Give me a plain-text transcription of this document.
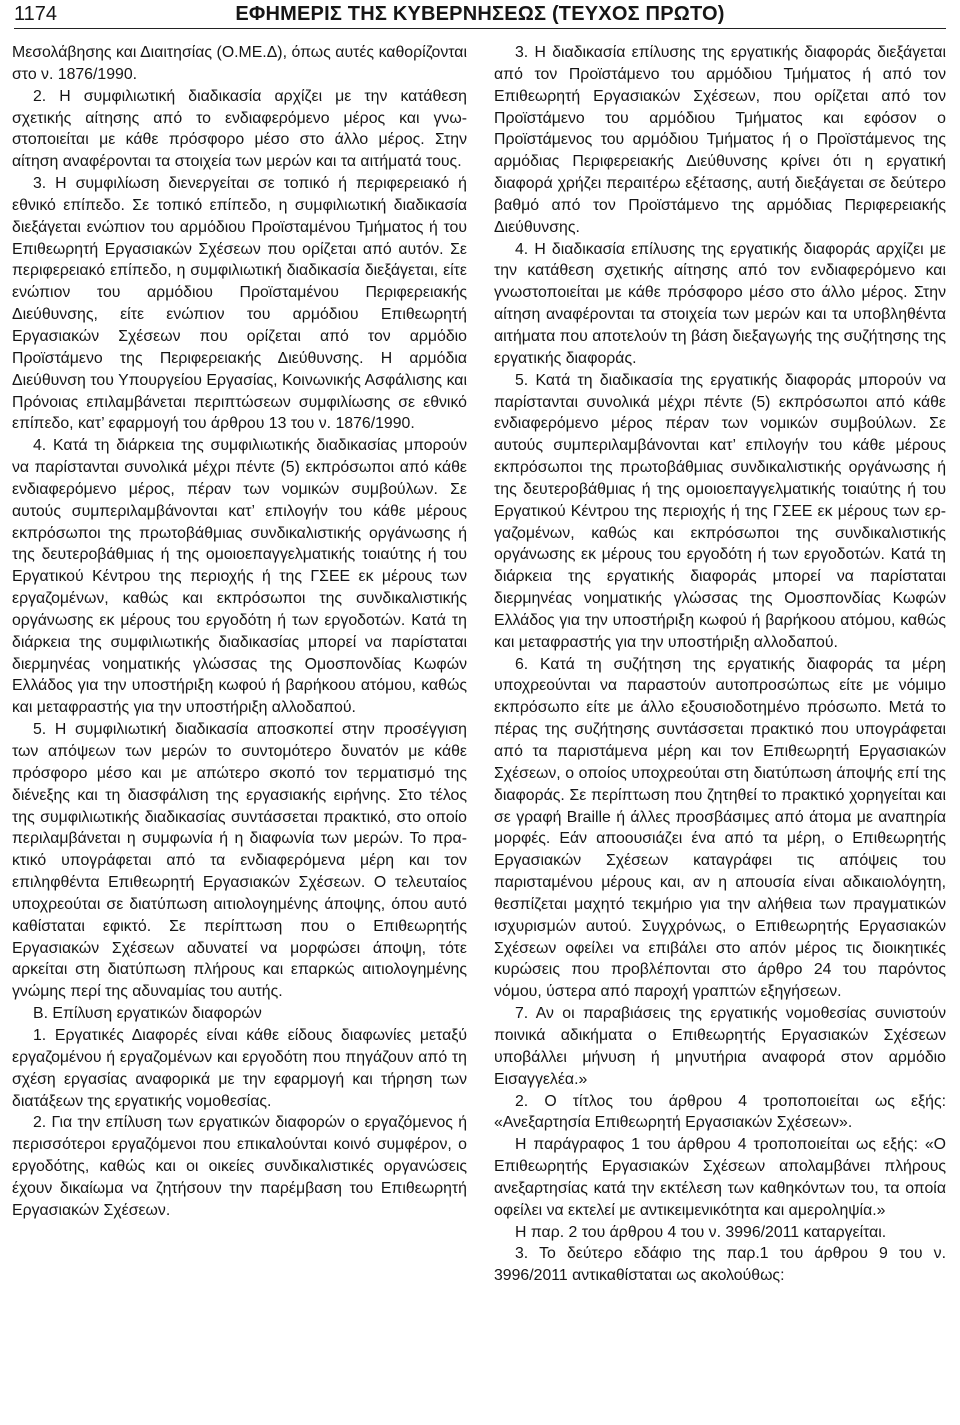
1174	ΕΦΗΜΕΡΙΣ ΤΗΣ ΚΥΒΕΡΝΗΣΕΩΣ (ΤΕΥΧΟΣ ΠΡΩΤΟ)

Μεσολάβησης και Διαιτησίας (Ο.ΜΕ.Δ), όπως αυτές καθορίζονται στο ν. 1876/1990.

2. Η συμφιλιωτική διαδικασία αρχίζει με την κατάθεση σχετικής αίτησης από το ενδιαφερόμενο μέρος και γνωστοποιείται με κάθε πρόσφορο μέσο στο άλλο μέρος. Στην αίτηση αναφέρονται τα στοιχεία των μερών και τα αιτήματά τους.

3. Η συμφιλίωση διενεργείται σε τοπικό ή περιφερειακό ή εθνικό επίπεδο. Σε τοπικό επίπεδο, η συμφιλιωτική διαδικασία διεξάγεται ενώπιον του αρμόδιου Προϊσταμένου Τμήματος ή του Επιθεωρητή Εργασιακών Σχέσεων που ορίζεται από αυτόν. Σε περιφερειακό επίπεδο, η συμφιλιωτική διαδικασία διεξάγεται, είτε ενώπιον του αρμόδιου Προϊσταμένου Περιφερειακής Διεύθυνσης, είτε ενώπιον του αρμόδιου Επιθεωρητή Εργασιακών Σχέσεων που ορίζεται από τον αρμόδιο Προϊστάμενο της Περιφερειακής Διεύθυνσης. Η αρμόδια Διεύθυνση του Υπουργείου Εργασίας, Κοινωνικής Ασφάλισης και Πρόνοιας επιλαμβάνεται περιπτώσεων συμφιλίωσης σε εθνικό επίπεδο, κατ’ εφαρμογή του άρθρου 13 του ν. 1876/1990.

4. Κατά τη διάρκεια της συμφιλιωτικής διαδικασίας μπορούν να παρίστανται συνολικά μέχρι πέντε (5) εκπρόσωποι από κάθε ενδιαφερόμενο μέρος, πέραν των νομικών συμβούλων. Σε αυτούς συμπεριλαμβάνονται κατ’ επιλογήν του κάθε μέρους εκπρόσωποι της πρωτοβάθμιας συνδικαλιστικής οργάνωσης ή της δευτεροβάθμιας ή της ομοιοεπαγγελματικής τοιαύτης ή του Εργατικού Κέντρου της περιοχής ή της ΓΣΕΕ εκ μέρους των εργαζομένων, καθώς και εκπρόσωποι της συνδικαλιστικής οργάνωσης εκ μέρους του εργοδότη ή των εργοδοτών. Κατά τη διάρκεια της συμφιλιωτικής διαδικασίας μπορεί να παρίσταται διερμηνέας νοηματικής γλώσσας της Ομοσπονδίας Κωφών Ελλάδος για την υποστήριξη κωφού ή βαρήκοου ατόμου, καθώς και μεταφραστής για την υποστήριξη αλλοδαπού.

5. Η συμφιλιωτική διαδικασία αποσκοπεί στην προσέγγιση των απόψεων των μερών το συντομότερο δυνατόν με κάθε πρόσφορο μέσο και με απώτερο σκοπό τον τερματισμό της διένεξης και τη διασφάλιση της εργασιακής ειρήνης. Στο τέλος της συμφιλιωτικής διαδικασίας συντάσσεται πρακτικό, στο οποίο περιλαμβάνεται η συμφωνία ή η διαφωνία των μερών. Το πρακτικό υπογράφεται από τα ενδιαφερόμενα μέρη και τον επιληφθέντα Επιθεωρητή Εργασιακών Σχέσεων. Ο τελευταίος υποχρεούται σε διατύπωση αιτιολογημένης άποψης, όπου αυτό καθίσταται εφικτό. Σε περίπτωση που ο Επιθεωρητής Εργασιακών Σχέσεων αδυνατεί να μορφώσει άποψη, τότε αρκείται στη διατύπωση πλήρους και επαρκώς αιτιολογημένης γνώμης περί της αδυναμίας του αυτής.

Β. Επίλυση εργατικών διαφορών

1. Εργατικές Διαφορές είναι κάθε είδους διαφωνίες μεταξύ εργαζομένου ή εργαζομένων και εργοδότη που πηγάζουν από τη σχέση εργασίας αναφορικά με την εφαρμογή και τήρηση των διατάξεων της εργατικής νομοθεσίας.

2. Για την επίλυση των εργατικών διαφορών ο εργαζόμενος ή περισσότεροι εργαζόμενοι που επικαλούνται κοινό συμφέρον, ο εργοδότης, καθώς και οι οικείες συνδικαλιστικές οργανώσεις έχουν δικαίωμα να ζητήσουν την παρέμβαση του Επιθεωρητή Εργασιακών Σχέσεων.

3. Η διαδικασία επίλυσης της εργατικής διαφοράς διεξάγεται από τον Προϊστάμενο του αρμόδιου Τμήματος ή από τον Επιθεωρητή Εργασιακών Σχέσεων, που ορίζεται από τον Προϊστάμενο του αρμόδιου Τμήματος και εφόσον ο Προϊστάμενος του αρμόδιου Τμήματος ή ο Προϊστάμενος της αρμόδιας Περιφερειακής Διεύθυνσης κρίνει ότι η εργατική διαφορά χρήζει περαιτέρω εξέτασης, αυτή διεξάγεται σε δεύτερο βαθμό από τον Προϊστάμενο της αρμόδιας Περιφερειακής Διεύθυνσης.

4. Η διαδικασία επίλυσης της εργατικής διαφοράς αρχίζει με την κατάθεση σχετικής αίτησης από τον ενδιαφερόμενο και γνωστοποιείται με κάθε πρόσφορο μέσο στο άλλο μέρος. Στην αίτηση αναφέρονται τα στοιχεία των μερών και τα υποβληθέντα αιτήματα που αποτελούν τη βάση διεξαγωγής της συζήτησης της εργατικής διαφοράς.

5. Κατά τη διαδικασία της εργατικής διαφοράς μπορούν να παρίστανται συνολικά μέχρι πέντε (5) εκπρόσωποι από κάθε ενδιαφερόμενο μέρος πέραν των νομικών συμβούλων. Σε αυτούς συμπεριλαμβάνονται κατ’ επιλογήν του κάθε μέρους εκπρόσωποι της πρωτοβάθμιας συνδικαλιστικής οργάνωσης ή της δευτεροβάθμιας ή της ομοιοεπαγγελματικής τοιαύτης ή του Εργατικού Κέντρου της περιοχής ή της ΓΣΕΕ εκ μέρους των εργαζομένων, καθώς και εκπρόσωποι της συνδικαλιστικής οργάνωσης εκ μέρους του εργοδότη ή των εργοδοτών. Κατά τη διάρκεια της εργατικής διαφοράς μπορεί να παρίσταται διερμηνέας νοηματικής γλώσσας της Ομοσπονδίας Κωφών Ελλάδος για την υποστήριξη κωφού ή βαρήκοου ατόμου, καθώς και μεταφραστής για την υποστήριξη αλλοδαπού.

6. Κατά τη συζήτηση της εργατικής διαφοράς τα μέρη υποχρεούνται να παραστούν αυτοπροσώπως είτε με νόμιμο εκπρόσωπο είτε με άλλο εξουσιοδοτημένο πρόσωπο. Μετά το πέρας της συζήτησης συντάσσεται πρακτικό που υπογράφεται από τα παριστάμενα μέρη και τον Επιθεωρητή Εργασιακών Σχέσεων, ο οποίος υποχρεούται στη διατύπωση άποψής επί της διαφοράς. Σε περίπτωση που ζητηθεί το πρακτικό χορηγείται και σε γραφή Braille ή άλλες προσβάσιμες από άτομα με αναπηρία μορφές. Εάν αποουσιάζει ένα από τα μέρη, ο Επιθεωρητής Εργασιακών Σχέσεων καταγράφει τις απόψεις του παρισταμένου μέρους και, αν η απουσία είναι αδικαιολόγητη, θεσπίζεται μαχητό τεκμήριο για την αλήθεια των πραγματικών ισχυρισμών αυτού. Συγχρόνως, ο Επιθεωρητής Εργασιακών Σχέσεων οφείλει να επιβάλει στο απόν μέρος τις διοικητικές κυρώσεις που προβλέπονται στο άρθρο 24 του παρόντος νόμου, ύστερα από παροχή γραπτών εξηγήσεων.

7. Αν οι παραβιάσεις της εργατικής νομοθεσίας συνιστούν ποινικά αδικήματα ο Επιθεωρητής Εργασιακών Σχέσεων υποβάλλει μήνυση ή μηνυτήρια αναφορά στον αρμόδιο Εισαγγελέα.»

2. Ο τίτλος του άρθρου 4 τροποποιείται ως εξής: «Ανεξαρτησία Επιθεωρητή Εργασιακών Σχέσεων».

Η παράγραφος 1 του άρθρου 4 τροποποιείται ως εξής: «Ο Επιθεωρητής Εργασιακών Σχέσεων απολαμβάνει πλήρους ανεξαρτησίας κατά την εκτέλεση των καθηκόντων του, τα οποία οφείλει να εκτελεί με αντικειμενικότητα και αμεροληψία.»

Η παρ. 2 του άρθρου 4 του ν. 3996/2011 καταργείται.

3. Το δεύτερο εδάφιο της παρ.1 του άρθρου 9 του ν. 3996/2011 αντικαθίσταται ως ακολούθως:
